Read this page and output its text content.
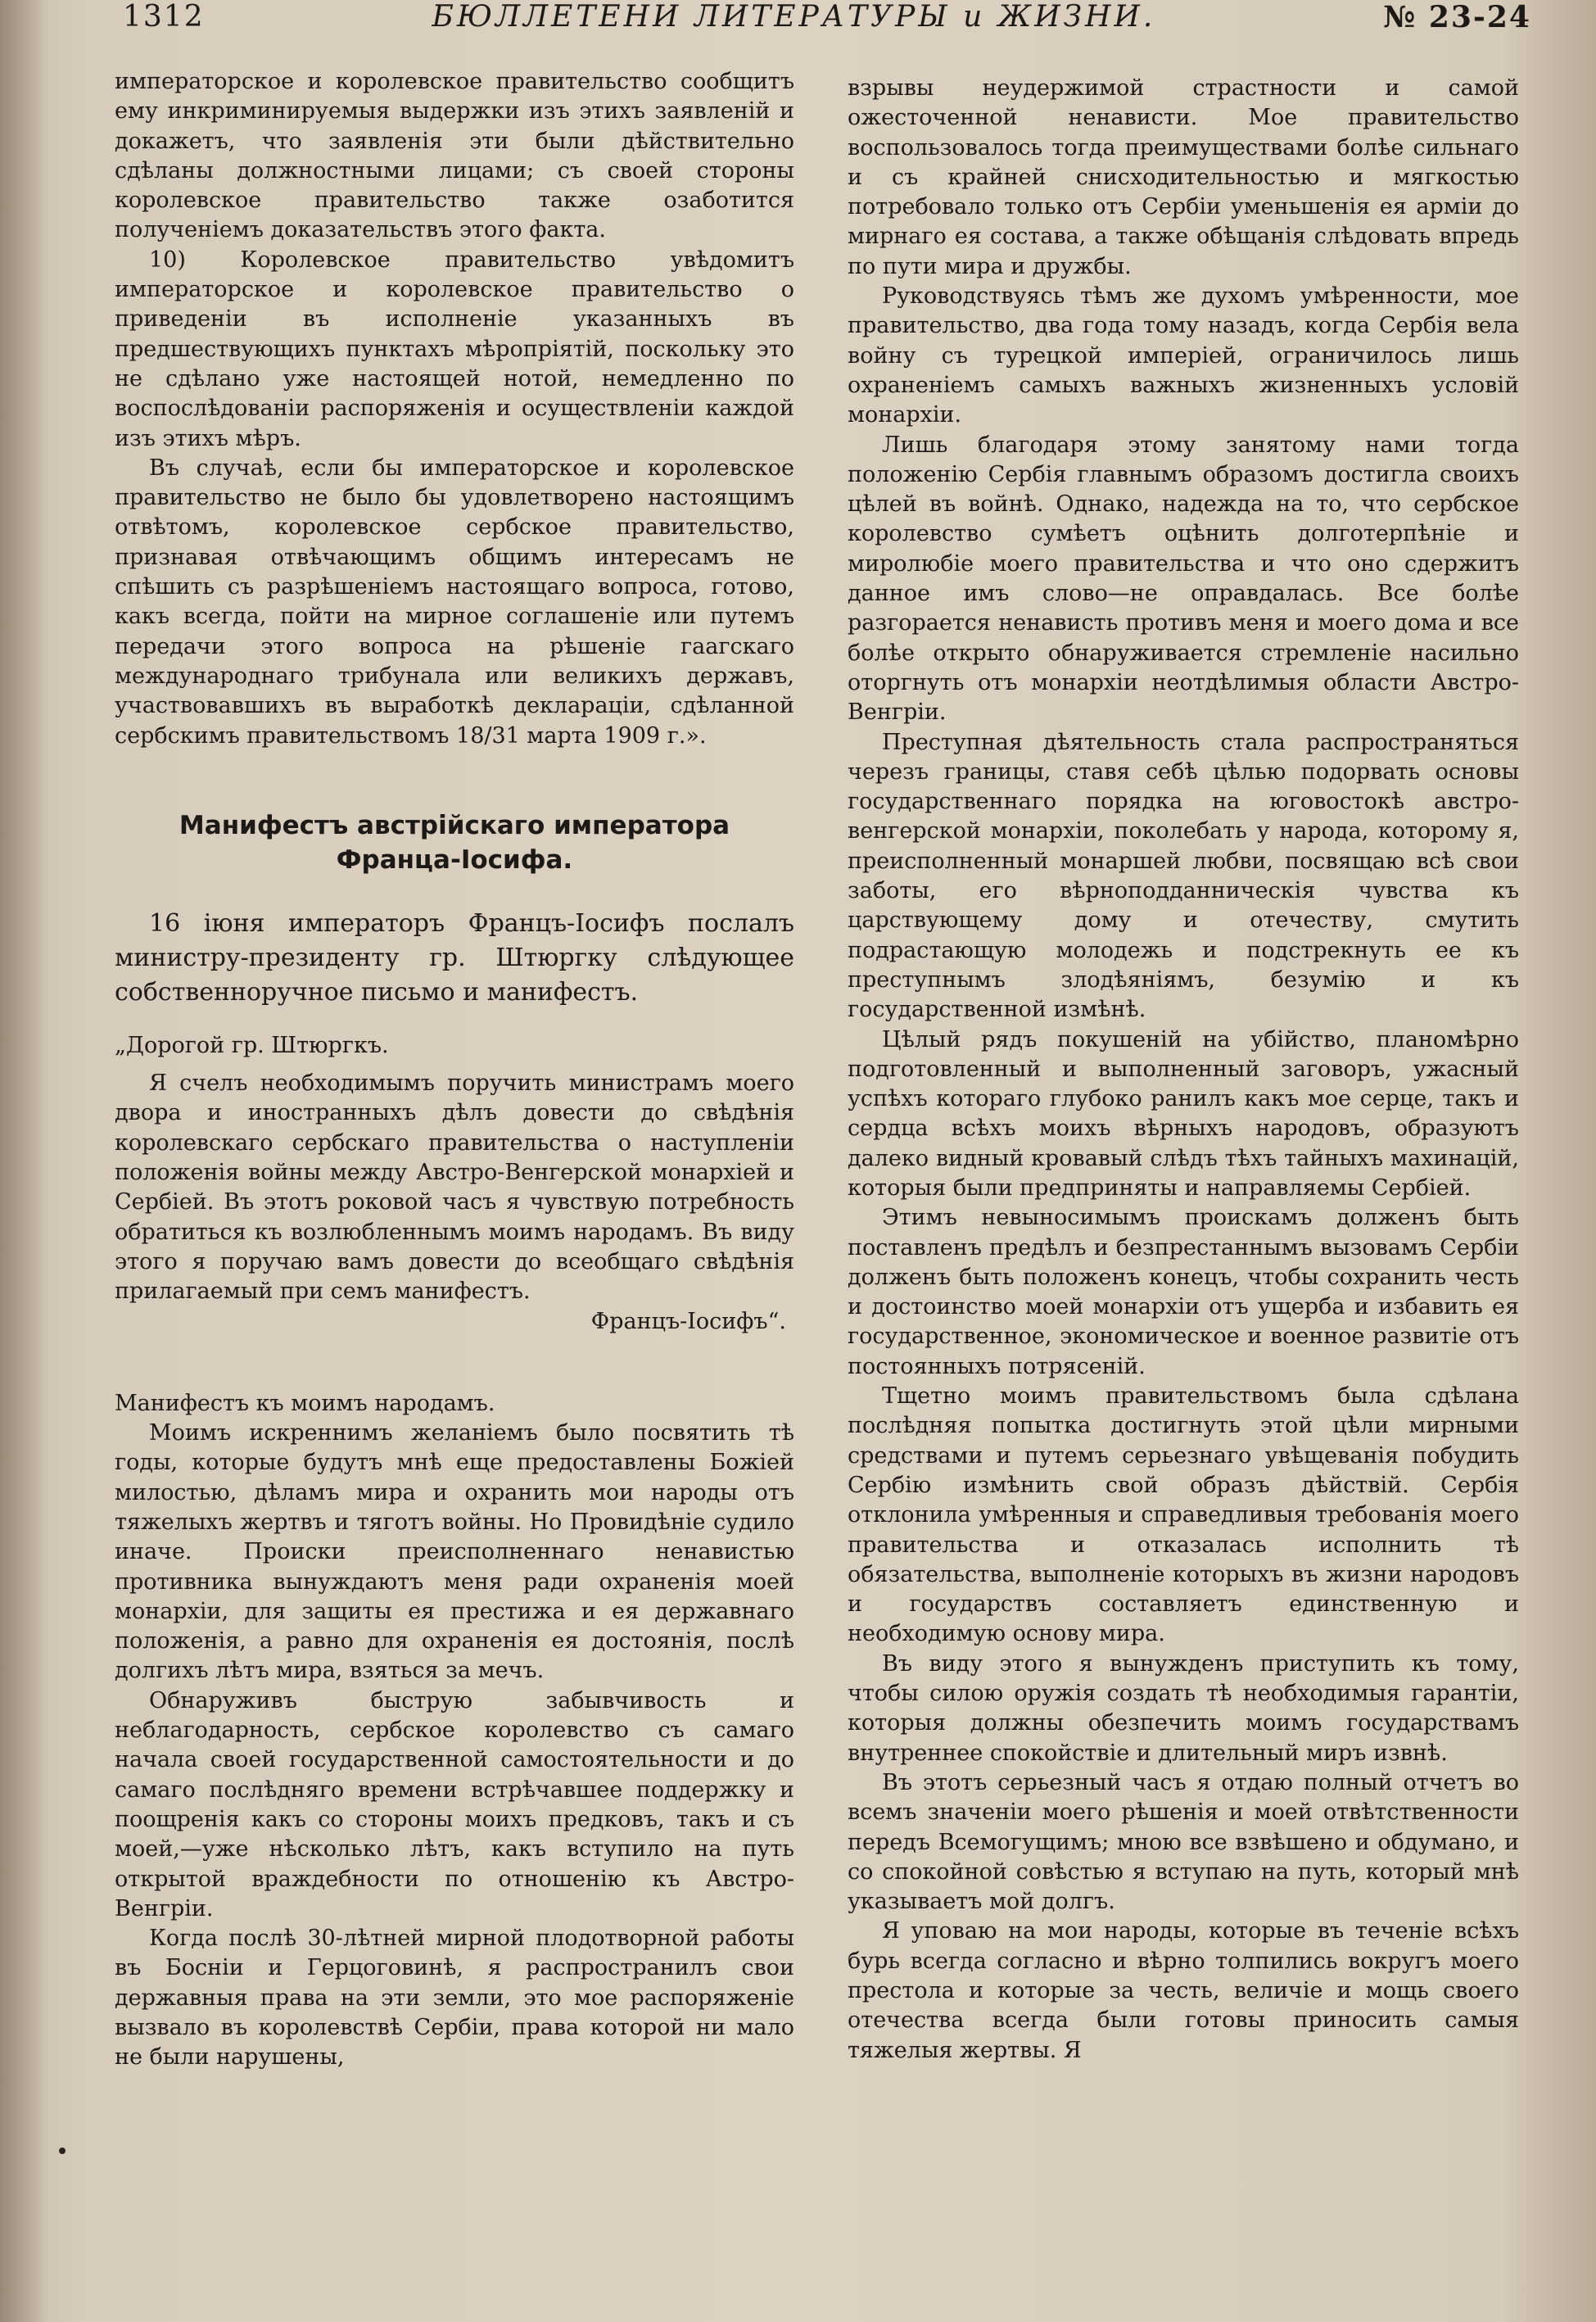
1312	БЮЛЛЕТЕНИ ЛИТЕРАТУРЫ и ЖИЗНИ.	№ 23-24

императорское и королевское правительство сообщитъ ему инкриминируемыя выдержки изъ этихъ заявленій и докажетъ, что заявленія эти были дѣйствительно сдѣланы должностными лицами; съ своей стороны королевское правительство также озаботится полученіемъ доказательствъ этого факта.

10) Королевское правительство увѣдомитъ императорское и королевское правительство о приведеніи въ исполненіе указанныхъ въ предшествующихъ пунктахъ мѣропріятій, поскольку это не сдѣлано уже настоящей нотой, немедленно по воспослѣдованіи распоряженія и осуществленіи каждой изъ этихъ мѣръ.

Въ случаѣ, если бы императорское и королевское правительство не было бы удовлетворено настоящимъ отвѣтомъ, королевское сербское правительство, признавая отвѣчающимъ общимъ интересамъ не спѣшить съ разрѣшеніемъ настоящаго вопроса, готово, какъ всегда, пойти на мирное соглашеніе или путемъ передачи этого вопроса на рѣшеніе гаагскаго международнаго трибунала или великихъ державъ, участвовавшихъ въ выработкѣ декларацiи, сдѣланной сербскимъ правительствомъ 18/31 марта 1909 г.».

Манифестъ австрійскаго императора Франца-Іосифа.

16 іюня императоръ Францъ-Іосифъ послалъ министру-президенту гр. Штюргку слѣдующее собственноручное письмо и манифестъ.

„Дорогой гр. Штюргкъ.

Я счелъ необходимымъ поручить министрамъ моего двора и иностранныхъ дѣлъ довести до свѣдѣнія королевскаго сербскаго правительства о наступленіи положенія войны между Австро-Венгерской монархіей и Сербіей. Въ этотъ роковой часъ я чувствую потребность обратиться къ возлюбленнымъ моимъ народамъ. Въ виду этого я поручаю вамъ довести до всеобщаго свѣдѣнія прилагаемый при семъ манифестъ.

Францъ-Іосифъ“.

Манифестъ къ моимъ народамъ.

Моимъ искреннимъ желаніемъ было посвятить тѣ годы, которые будутъ мнѣ еще предоставлены Божіей милостью, дѣламъ мира и охранить мои народы отъ тяжелыхъ жертвъ и тяготъ войны. Но Провидѣніе судило иначе. Происки преисполненнаго ненавистью противника вынуждаютъ меня ради охраненія моей монархіи, для защиты ея престижа и ея державнаго положенія, а равно для охраненія ея достоянія, послѣ долгихъ лѣтъ мира, взяться за мечъ.

Обнаруживъ быструю забывчивость и неблагодарность, сербское королевство съ самаго начала своей государственной самостоятельности и до самаго послѣдняго времени встрѣчавшее поддержку и поощренія какъ со стороны моихъ предковъ, такъ и съ моей,—уже нѣсколько лѣтъ, какъ вступило на путь открытой враждебности по отношенію къ Австро-Венгріи.

Когда послѣ 30-лѣтней мирной плодотворной работы въ Босніи и Герцоговинѣ, я распространилъ свои державныя права на эти земли, это мое распоряженіе вызвало въ королевствѣ Сербіи, права которой ни мало не были нарушены,

взрывы неудержимой страстности и самой ожесточенной ненависти. Мое правительство воспользовалось тогда преимуществами болѣе сильнаго и съ крайней снисходительностью и мягкостью потребовало только отъ Сербіи уменьшенія ея арміи до мирнаго ея состава, а также обѣщанія слѣдовать впредь по пути мира и дружбы.

Руководствуясь тѣмъ же духомъ умѣренности, мое правительство, два года тому назадъ, когда Сербія вела войну съ турецкой имперіей, ограничилось лишь охраненіемъ самыхъ важныхъ жизненныхъ условій монархіи.

Лишь благодаря этому занятому нами тогда положенію Сербія главнымъ образомъ достигла своихъ цѣлей въ войнѣ. Однако, надежда на то, что сербское королевство сумѣетъ оцѣнить долготерпѣніе и миролюбіе моего правительства и что оно сдержитъ данное имъ слово—не оправдалась. Все болѣе разгорается ненависть противъ меня и моего дома и все болѣе открыто обнаруживается стремленіе насильно оторгнуть отъ монархіи неотдѣлимыя области Австро-Венгріи.

Преступная дѣятельность стала распространяться черезъ границы, ставя себѣ цѣлью подорвать основы государственнаго порядка на юговостокѣ австро-венгерской монархіи, поколебать у народа, которому я, преисполненный монаршей любви, посвящаю всѣ свои заботы, его вѣрноподданническія чувства къ царствующему дому и отечеству, смутить подрастающую молодежь и подстрекнуть ее къ преступнымъ злодѣяніямъ, безумію и къ государственной измѣнѣ.

Цѣлый рядъ покушеній на убійство, планомѣрно подготовленный и выполненный заговоръ, ужасный успѣхъ котораго глубоко ранилъ какъ мое серце, такъ и сердца всѣхъ моихъ вѣрныхъ народовъ, образуютъ далеко видный кровавый слѣдъ тѣхъ тайныхъ махинацій, которыя были предприняты и направляемы Сербіей.

Этимъ невыносимымъ проискамъ долженъ быть поставленъ предѣлъ и безпрестаннымъ вызовамъ Сербіи долженъ быть положенъ конецъ, чтобы сохранить честь и достоинство моей монархіи отъ ущерба и избавить ея государственное, экономическое и военное развитіе отъ постоянныхъ потрясеній.

Тщетно моимъ правительствомъ была сдѣлана послѣдняя попытка достигнуть этой цѣли мирными средствами и путемъ серьезнаго увѣщеванія побудить Сербію измѣнить свой образъ дѣйствій. Сербія отклонила умѣренныя и справедливыя требованія моего правительства и отказалась исполнить тѣ обязательства, выполненіе которыхъ въ жизни народовъ и государствъ составляетъ единственную и необходимую основу мира.

Въ виду этого я вынужденъ приступить къ тому, чтобы силою оружія создать тѣ необходимыя гарантіи, которыя должны обезпечить моимъ государствамъ внутреннее спокойствіе и длительный миръ извнѣ.

Въ этотъ серьезный часъ я отдаю полный отчетъ во всемъ значеніи моего рѣшенія и моей отвѣтственности передъ Всемогущимъ; мною все взвѣшено и обдумано, и со спокойной совѣстью я вступаю на путь, который мнѣ указываетъ мой долгъ.

Я уповаю на мои народы, которые въ теченіе всѣхъ бурь всегда согласно и вѣрно толпились вокругъ моего престола и которые за честь, величіе и мощь своего отечества всегда были готовы приносить самыя тяжелыя жертвы. Я
